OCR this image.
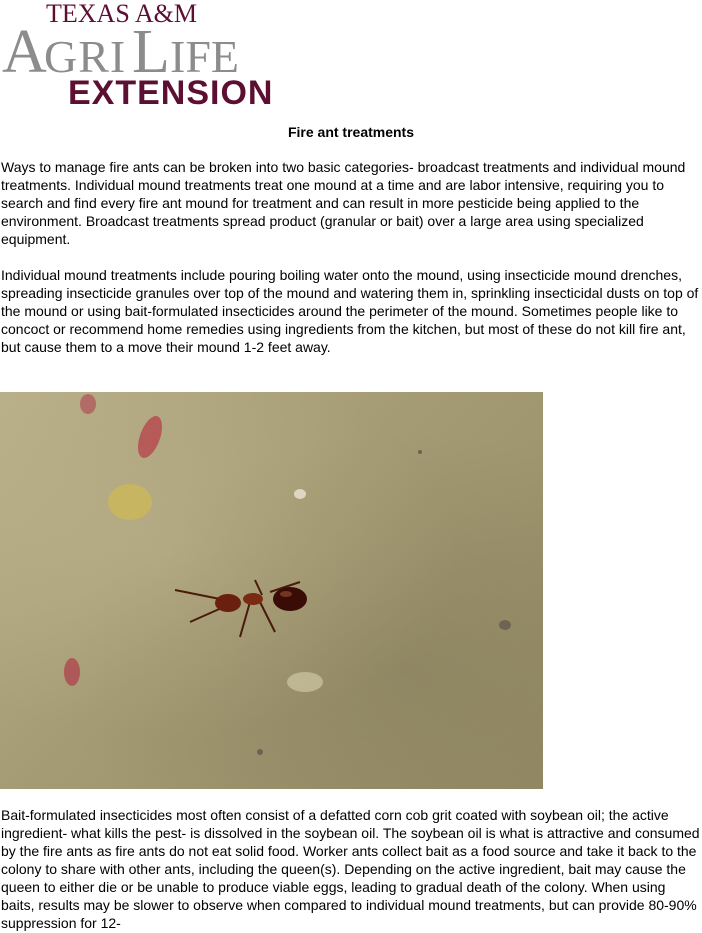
TEXAS A&M
A GRI L IFE
EXTENSION
Fire ant treatments

Ways to manage fire ants can be broken into two basic categories- broadcast treatments and individual mound treatments. Individual mound treatments treat one mound at a time and are labor intensive, requiring you to search and find every fire ant mound for treatment and can result in more pesticide being applied to the environment. Broadcast treatments spread product (granular or bait) over a large area using specialized equipment.

Individual mound treatments include pouring boiling water onto the mound, using insecticide mound drenches, spreading insecticide granules over top of the mound and watering them in, sprinkling insecticidal dusts on top of the mound or using bait-formulated insecticides around the perimeter of the mound. Sometimes people like to concoct or recommend home remedies using ingredients from the kitchen, but most of these do not kill fire ant, but cause them to a move their mound 1-2 feet away.

Bait-formulated insecticides most often consist of a defatted corn cob grit coated with soybean oil; the active ingredient- what kills the pest- is dissolved in the soybean oil. The soybean oil is what is attractive and consumed by the fire ants as fire ants do not eat solid food. Worker ants collect bait as a food source and take it back to the colony to share with other ants, including the queen(s). Depending on the active ingredient, bait may cause the queen to either die or be unable to produce viable eggs, leading to gradual death of the colony. When using baits, results may be slower to observe when compared to individual mound treatments, but can provide 80-90% suppression for 12-
